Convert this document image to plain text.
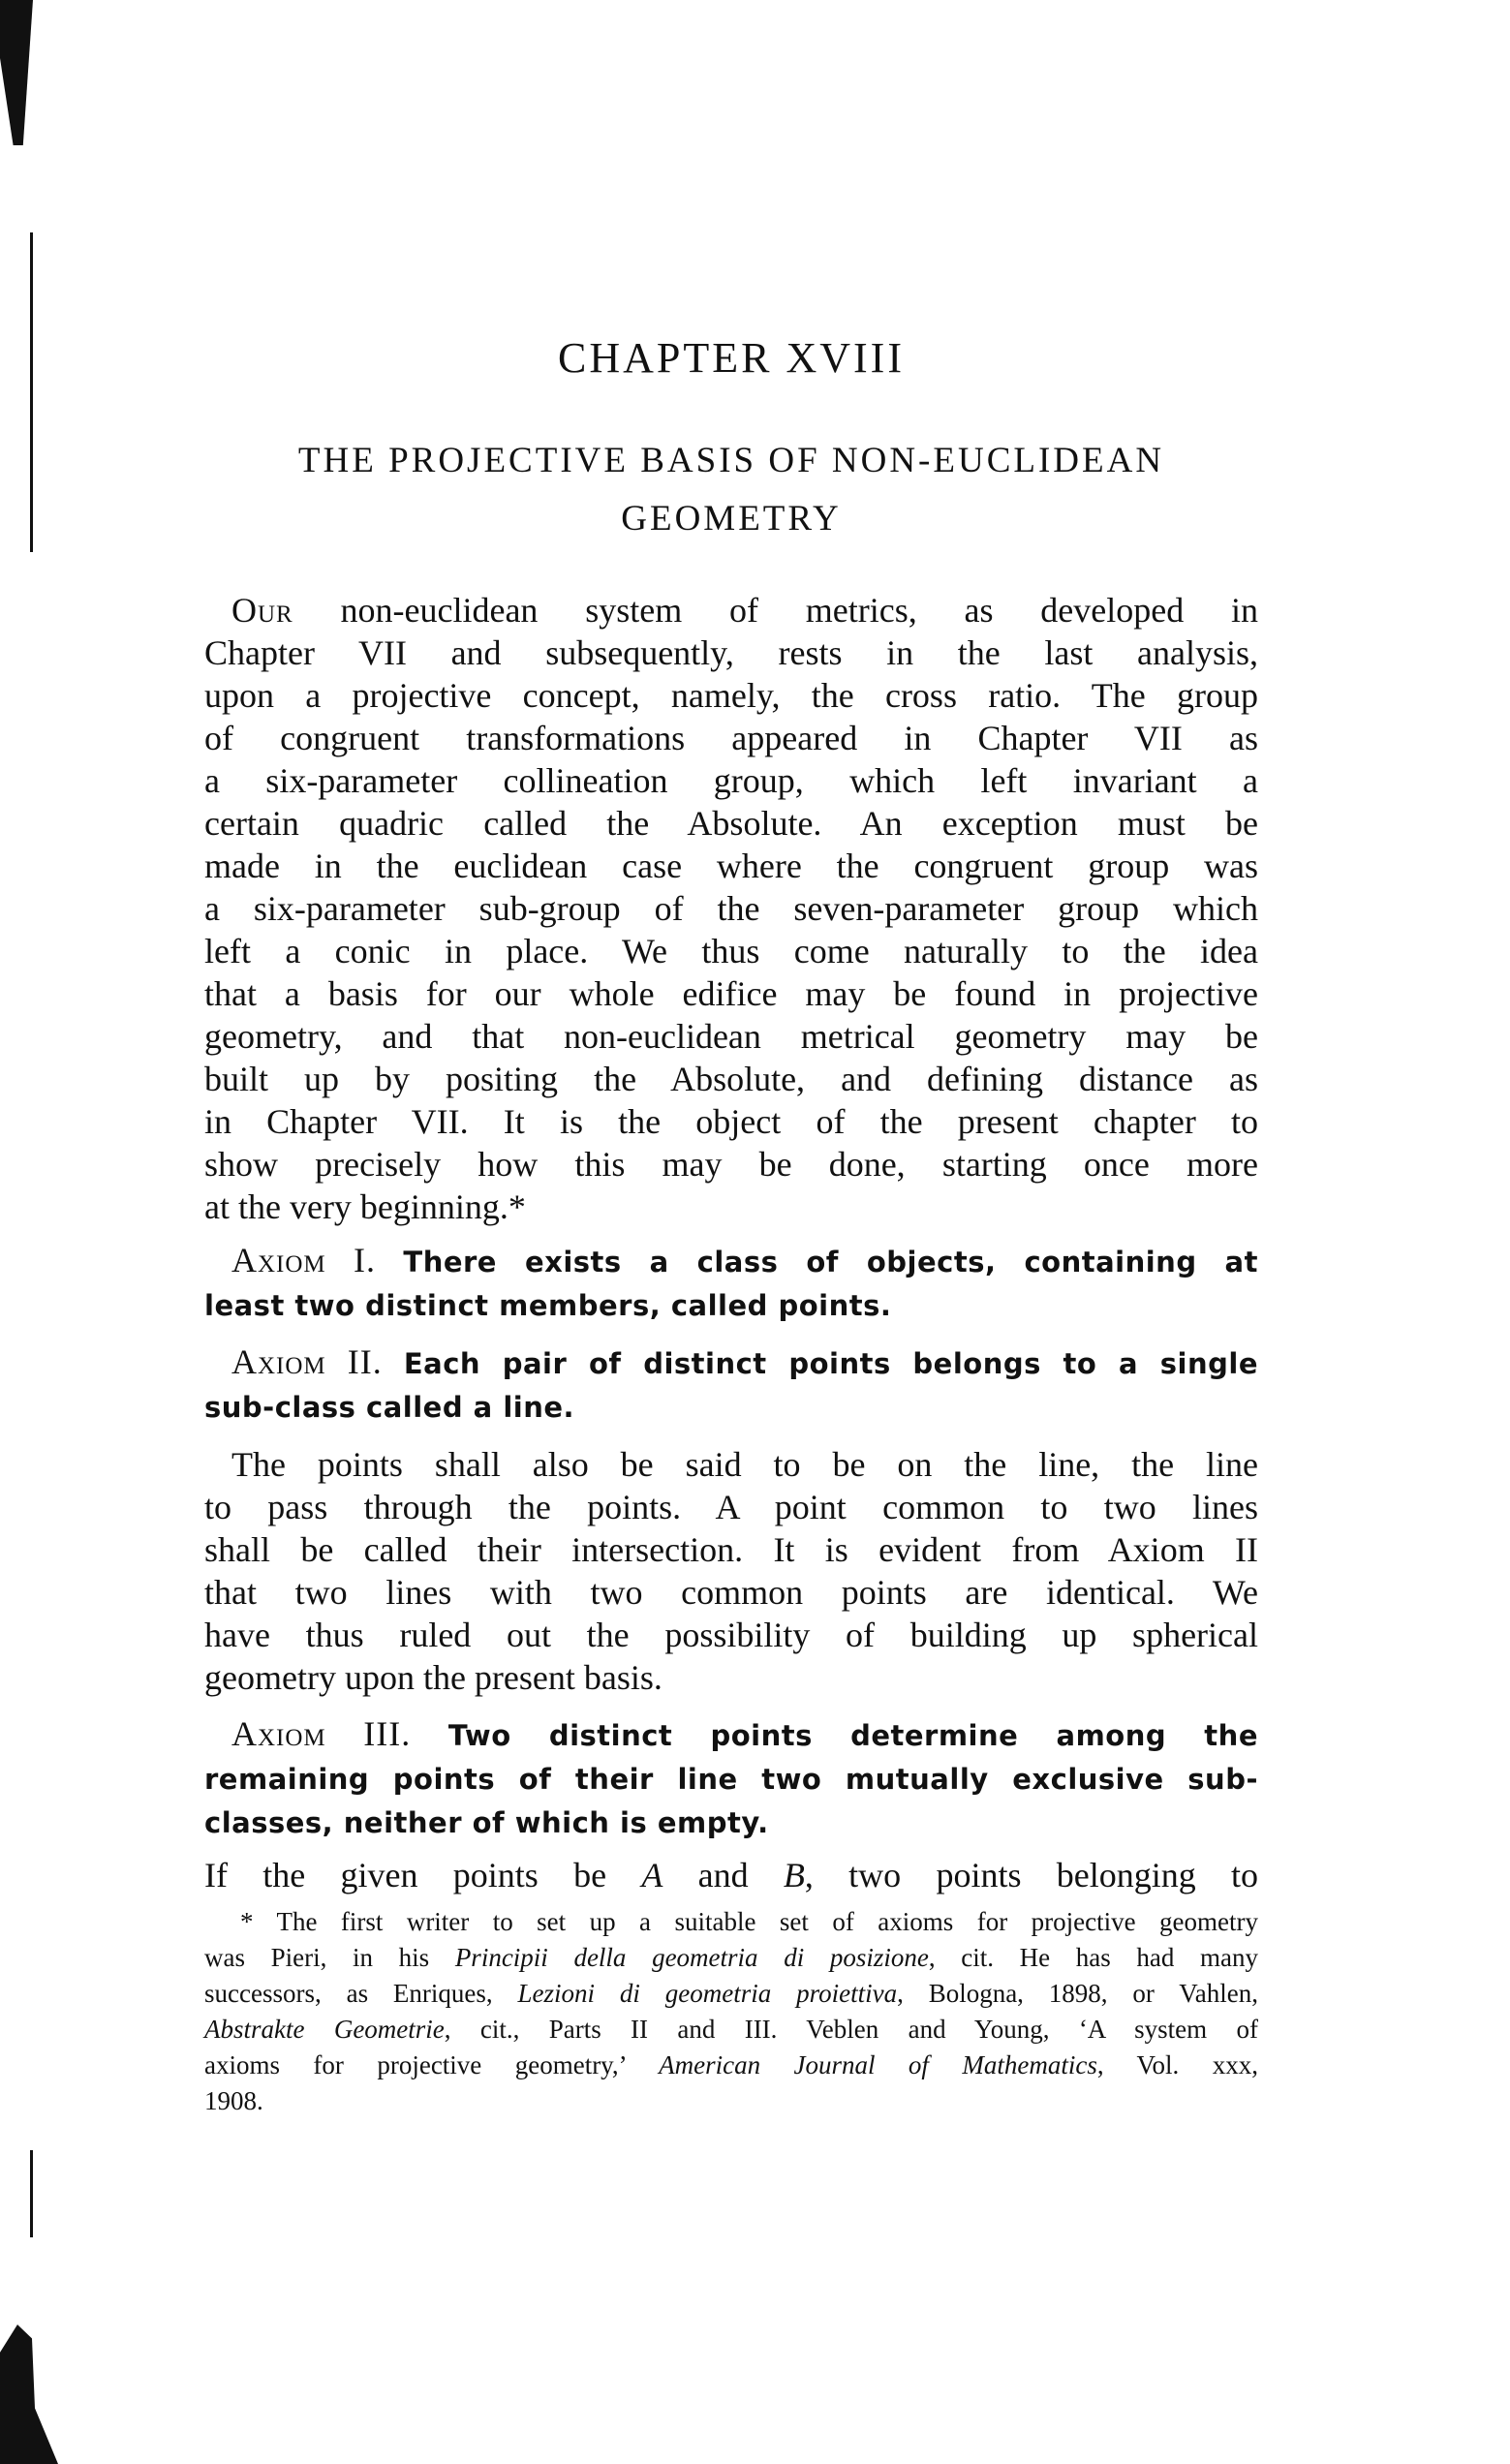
CHAPTER XVIII
THE PROJECTIVE BASIS OF NON-EUCLIDEAN
GEOMETRY
Our non-euclidean system of metrics, as developed in
Chapter VII and subsequently, rests in the last analysis,
upon a projective concept, namely, the cross ratio. The group
of congruent transformations appeared in Chapter VII as
a six-parameter collineation group, which left invariant a
certain quadric called the Absolute. An exception must be
made in the euclidean case where the congruent group was
a six-parameter sub-group of the seven-parameter group which
left a conic in place. We thus come naturally to the idea
that a basis for our whole edifice may be found in projective
geometry, and that non-euclidean metrical geometry may be
built up by positing the Absolute, and defining distance as
in Chapter VII. It is the object of the present chapter to
show precisely how this may be done, starting once more
at the very beginning.*
Axiom I. There exists a class of objects, containing at
least two distinct members, called points.
Axiom II. Each pair of distinct points belongs to a single
sub-class called a line.
The points shall also be said to be on the line, the line
to pass through the points. A point common to two lines
shall be called their intersection. It is evident from Axiom II
that two lines with two common points are identical. We
have thus ruled out the possibility of building up spherical
geometry upon the present basis.
Axiom III. Two distinct points determine among the
remaining points of their line two mutually exclusive sub-
classes, neither of which is empty.
If the given points be A and B, two points belonging to
* The first writer to set up a suitable set of axioms for projective geometry
was Pieri, in his Principii della geometria di posizione, cit. He has had many
successors, as Enriques, Lezioni di geometria proiettiva, Bologna, 1898, or Vahlen,
Abstrakte Geometrie, cit., Parts II and III. Veblen and Young, ‘A system of
axioms for projective geometry,’ American Journal of Mathematics, Vol. xxx,
1908.
